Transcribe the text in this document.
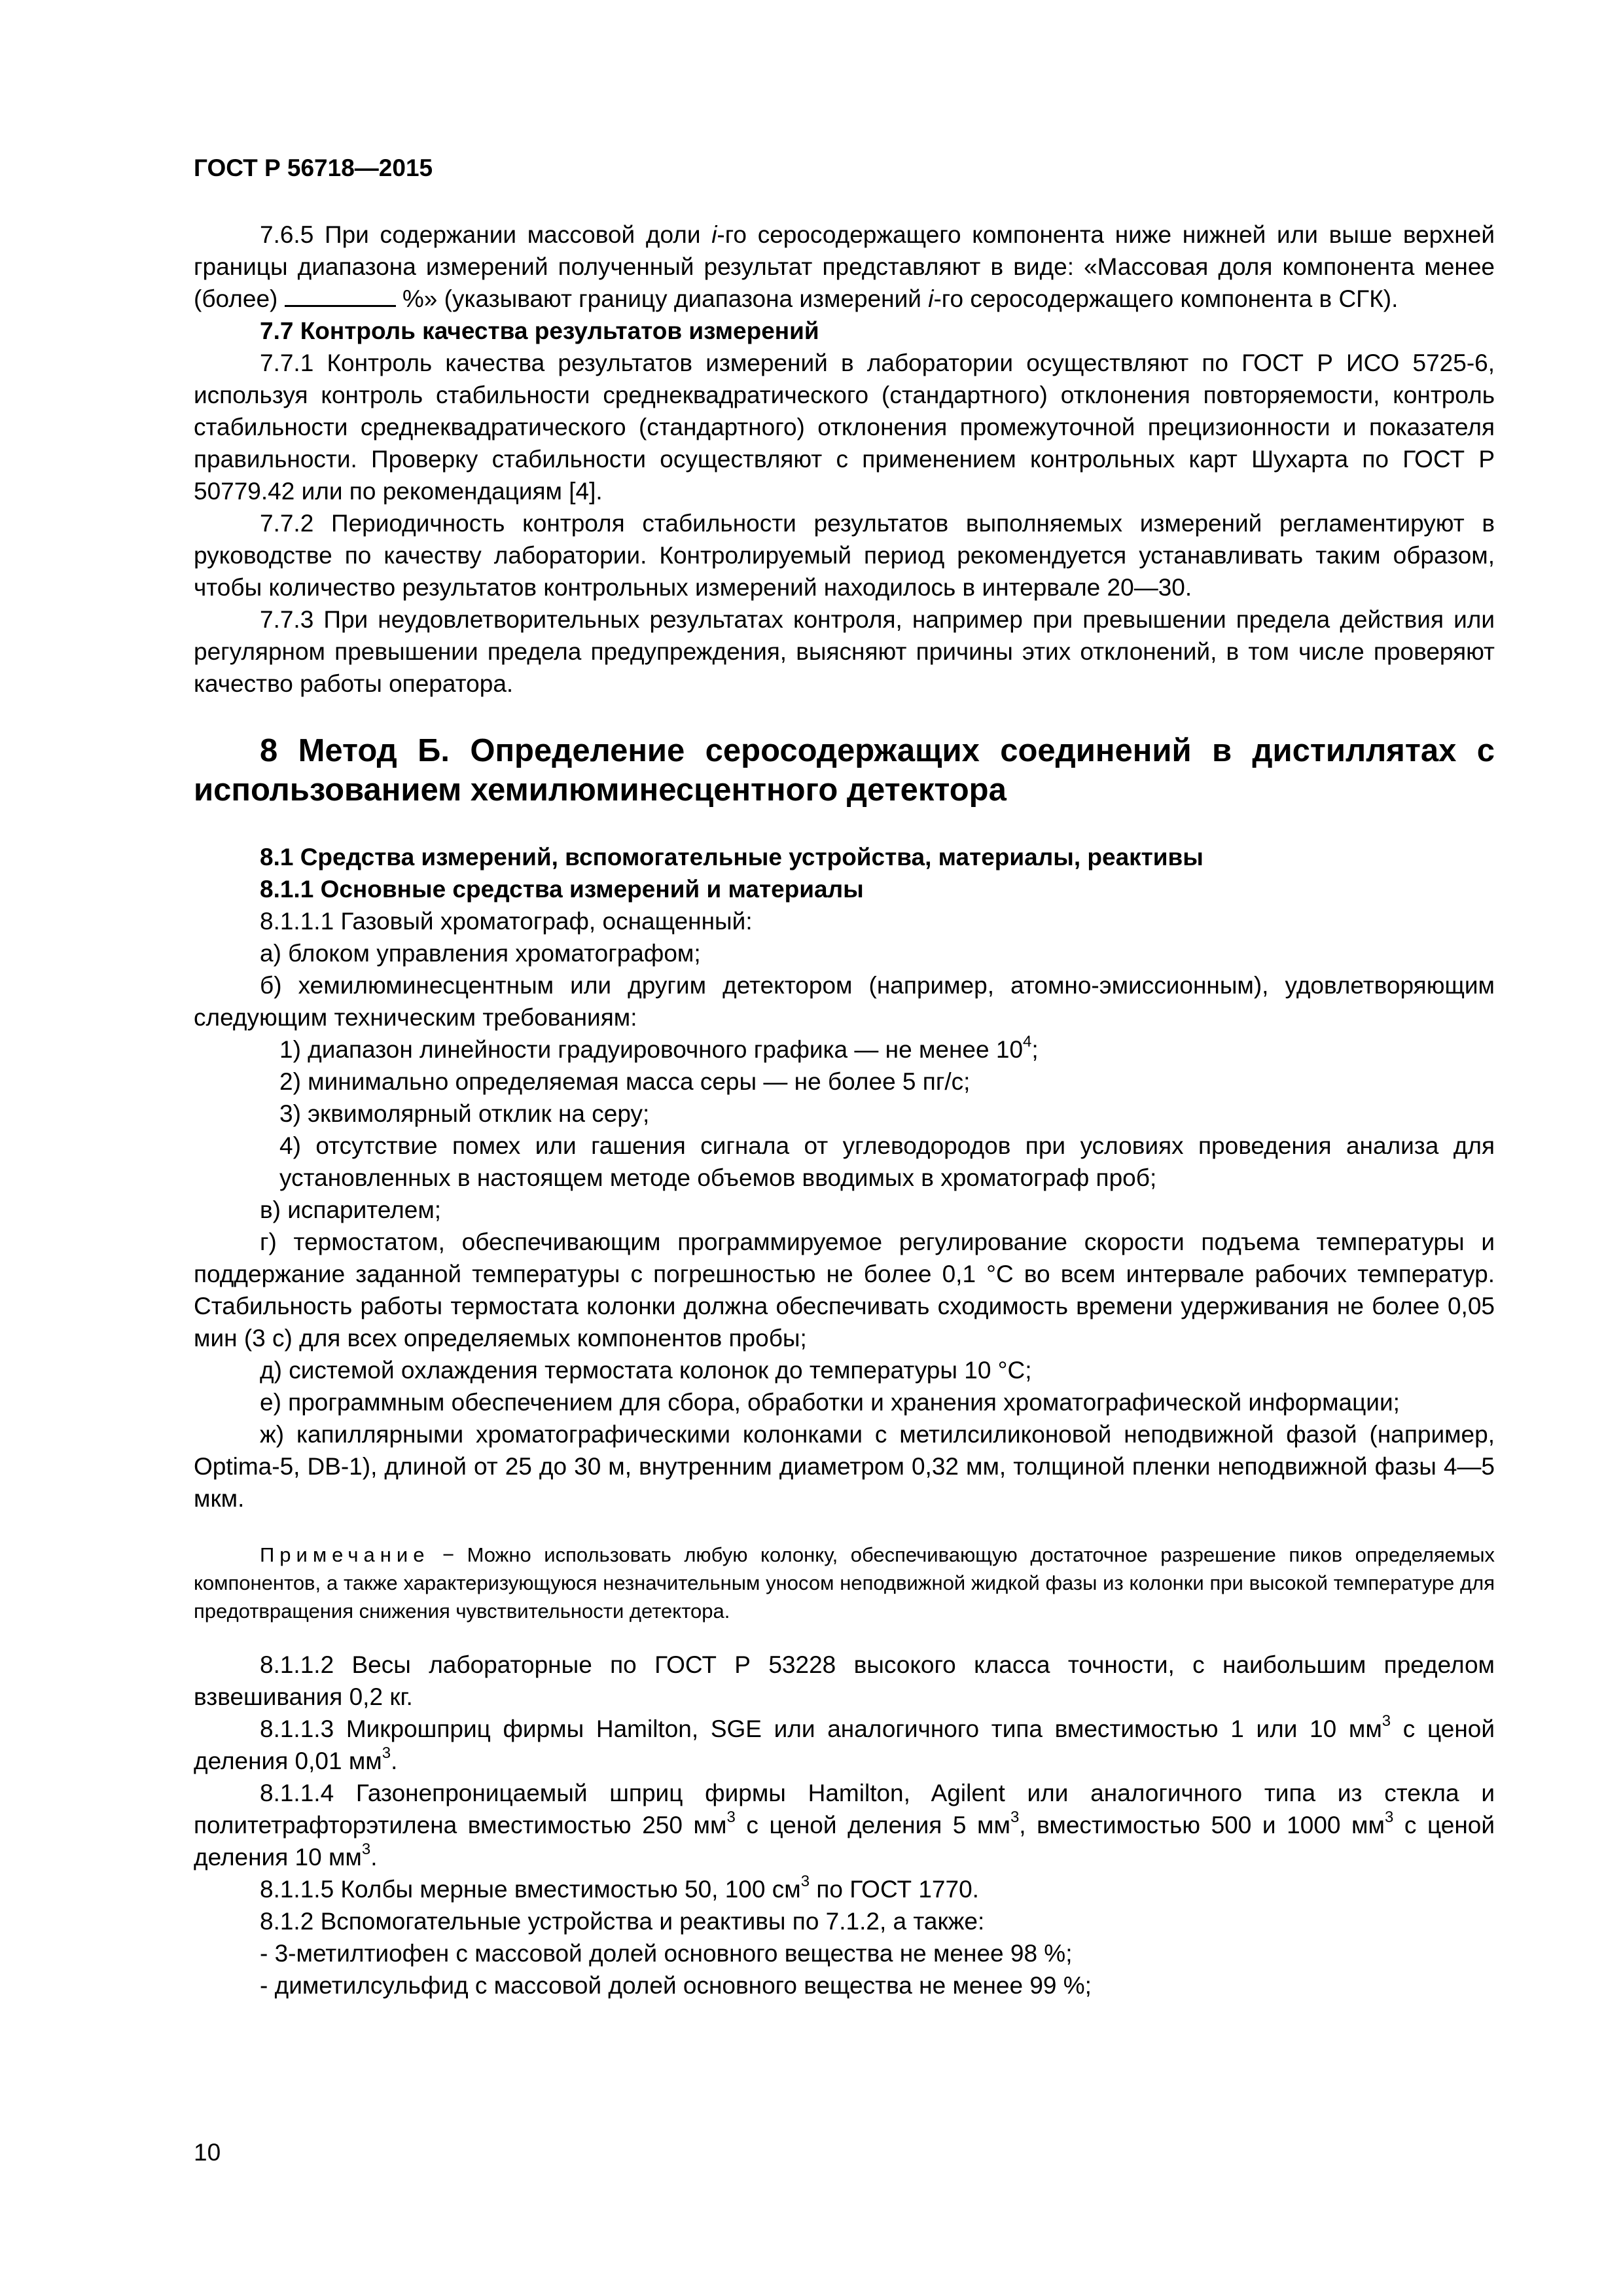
ГОСТ Р 56718—2015

7.6.5 При содержании массовой доли i-го серосодержащего компонента ниже нижней или выше верхней границы диапазона измерений полученный результат представляют в виде: «Массовая доля компонента менее (более)	%» (указывают границу диапазона измерений i-го серосодержащего компонента в СГК).

7.7 Контроль качества результатов измерений

7.7.1 Контроль качества результатов измерений в лаборатории осуществляют по ГОСТ Р ИСО 5725-6, используя контроль стабильности среднеквадратического (стандартного) отклонения повторяемости, контроль стабильности среднеквадратического (стандартного) отклонения промежуточной прецизионности и показателя правильности. Проверку стабильности осуществляют с применением контрольных карт Шухарта по ГОСТ Р 50779.42 или по рекомендациям [4].

7.7.2 Периодичность контроля стабильности результатов выполняемых измерений регламентируют в руководстве по качеству лаборатории. Контролируемый период рекомендуется устанавливать таким образом, чтобы количество результатов контрольных измерений находилось в интервале 20—30.

7.7.3 При неудовлетворительных результатах контроля, например при превышении предела действия или регулярном превышении предела предупреждения, выясняют причины этих отклонений, в том числе проверяют качество работы оператора.

8 Метод Б. Определение серосодержащих соединений в дистиллятах с использованием хемилюминесцентного детектора

8.1 Средства измерений, вспомогательные устройства, материалы, реактивы

8.1.1 Основные средства измерений и материалы

8.1.1.1 Газовый хроматограф, оснащенный:

а) блоком управления хроматографом;

б) хемилюминесцентным или другим детектором (например, атомно-эмиссионным), удовлетворяющим следующим техническим требованиям:

1) диапазон линейности градуировочного графика — не менее $10^4$;

2) минимально определяемая масса серы — не более 5 пг/с;

3) эквимолярный отклик на серу;

4) отсутствие помех или гашения сигнала от углеводородов при условиях проведения анализа для установленных в настоящем методе объемов вводимых в хроматограф проб;

в) испарителем;

г) термостатом, обеспечивающим программируемое регулирование скорости подъема температуры и поддержание заданной температуры с погрешностью не более 0,1 °С во всем интервале рабочих температур. Стабильность работы термостата колонки должна обеспечивать сходимость времени удерживания не более 0,05 мин (3 с) для всех определяемых компонентов пробы;

д) системой охлаждения термостата колонок до температуры 10 °С;

е) программным обеспечением для сбора, обработки и хранения хроматографической информации;

ж) капиллярными хроматографическими колонками с метилсиликоновой неподвижной фазой (например, Optima-5, DB-1), длиной от 25 до 30 м, внутренним диаметром 0,32 мм, толщиной пленки неподвижной фазы 4—5 мкм.

Примечание − Можно использовать любую колонку, обеспечивающую достаточное разрешение пиков определяемых компонентов, а также характеризующуюся незначительным уносом неподвижной жидкой фазы из колонки при высокой температуре для предотвращения снижения чувствительности детектора.

8.1.1.2 Весы лабораторные по ГОСТ Р 53228 высокого класса точности, с наибольшим пределом взвешивания 0,2 кг.

8.1.1.3 Микрошприц фирмы Hamilton, SGE или аналогичного типа вместимостью 1 или 10 $мм^3$ с ценой деления 0,01 $мм^3$.

8.1.1.4 Газонепроницаемый шприц фирмы Hamilton, Agilent или аналогичного типа из стекла и политетрафторэтилена вместимостью 250 $мм^3$ с ценой деления 5 $мм^3$, вместимостью 500 и 1000 $мм^3$ с ценой деления 10 $мм^3$.

8.1.1.5 Колбы мерные вместимостью 50, 100 $см^3$ по ГОСТ 1770.

8.1.2 Вспомогательные устройства и реактивы по 7.1.2, а также:

- 3-метилтиофен с массовой долей основного вещества не менее 98 %;

- диметилсульфид с массовой долей основного вещества не менее 99 %;

10
